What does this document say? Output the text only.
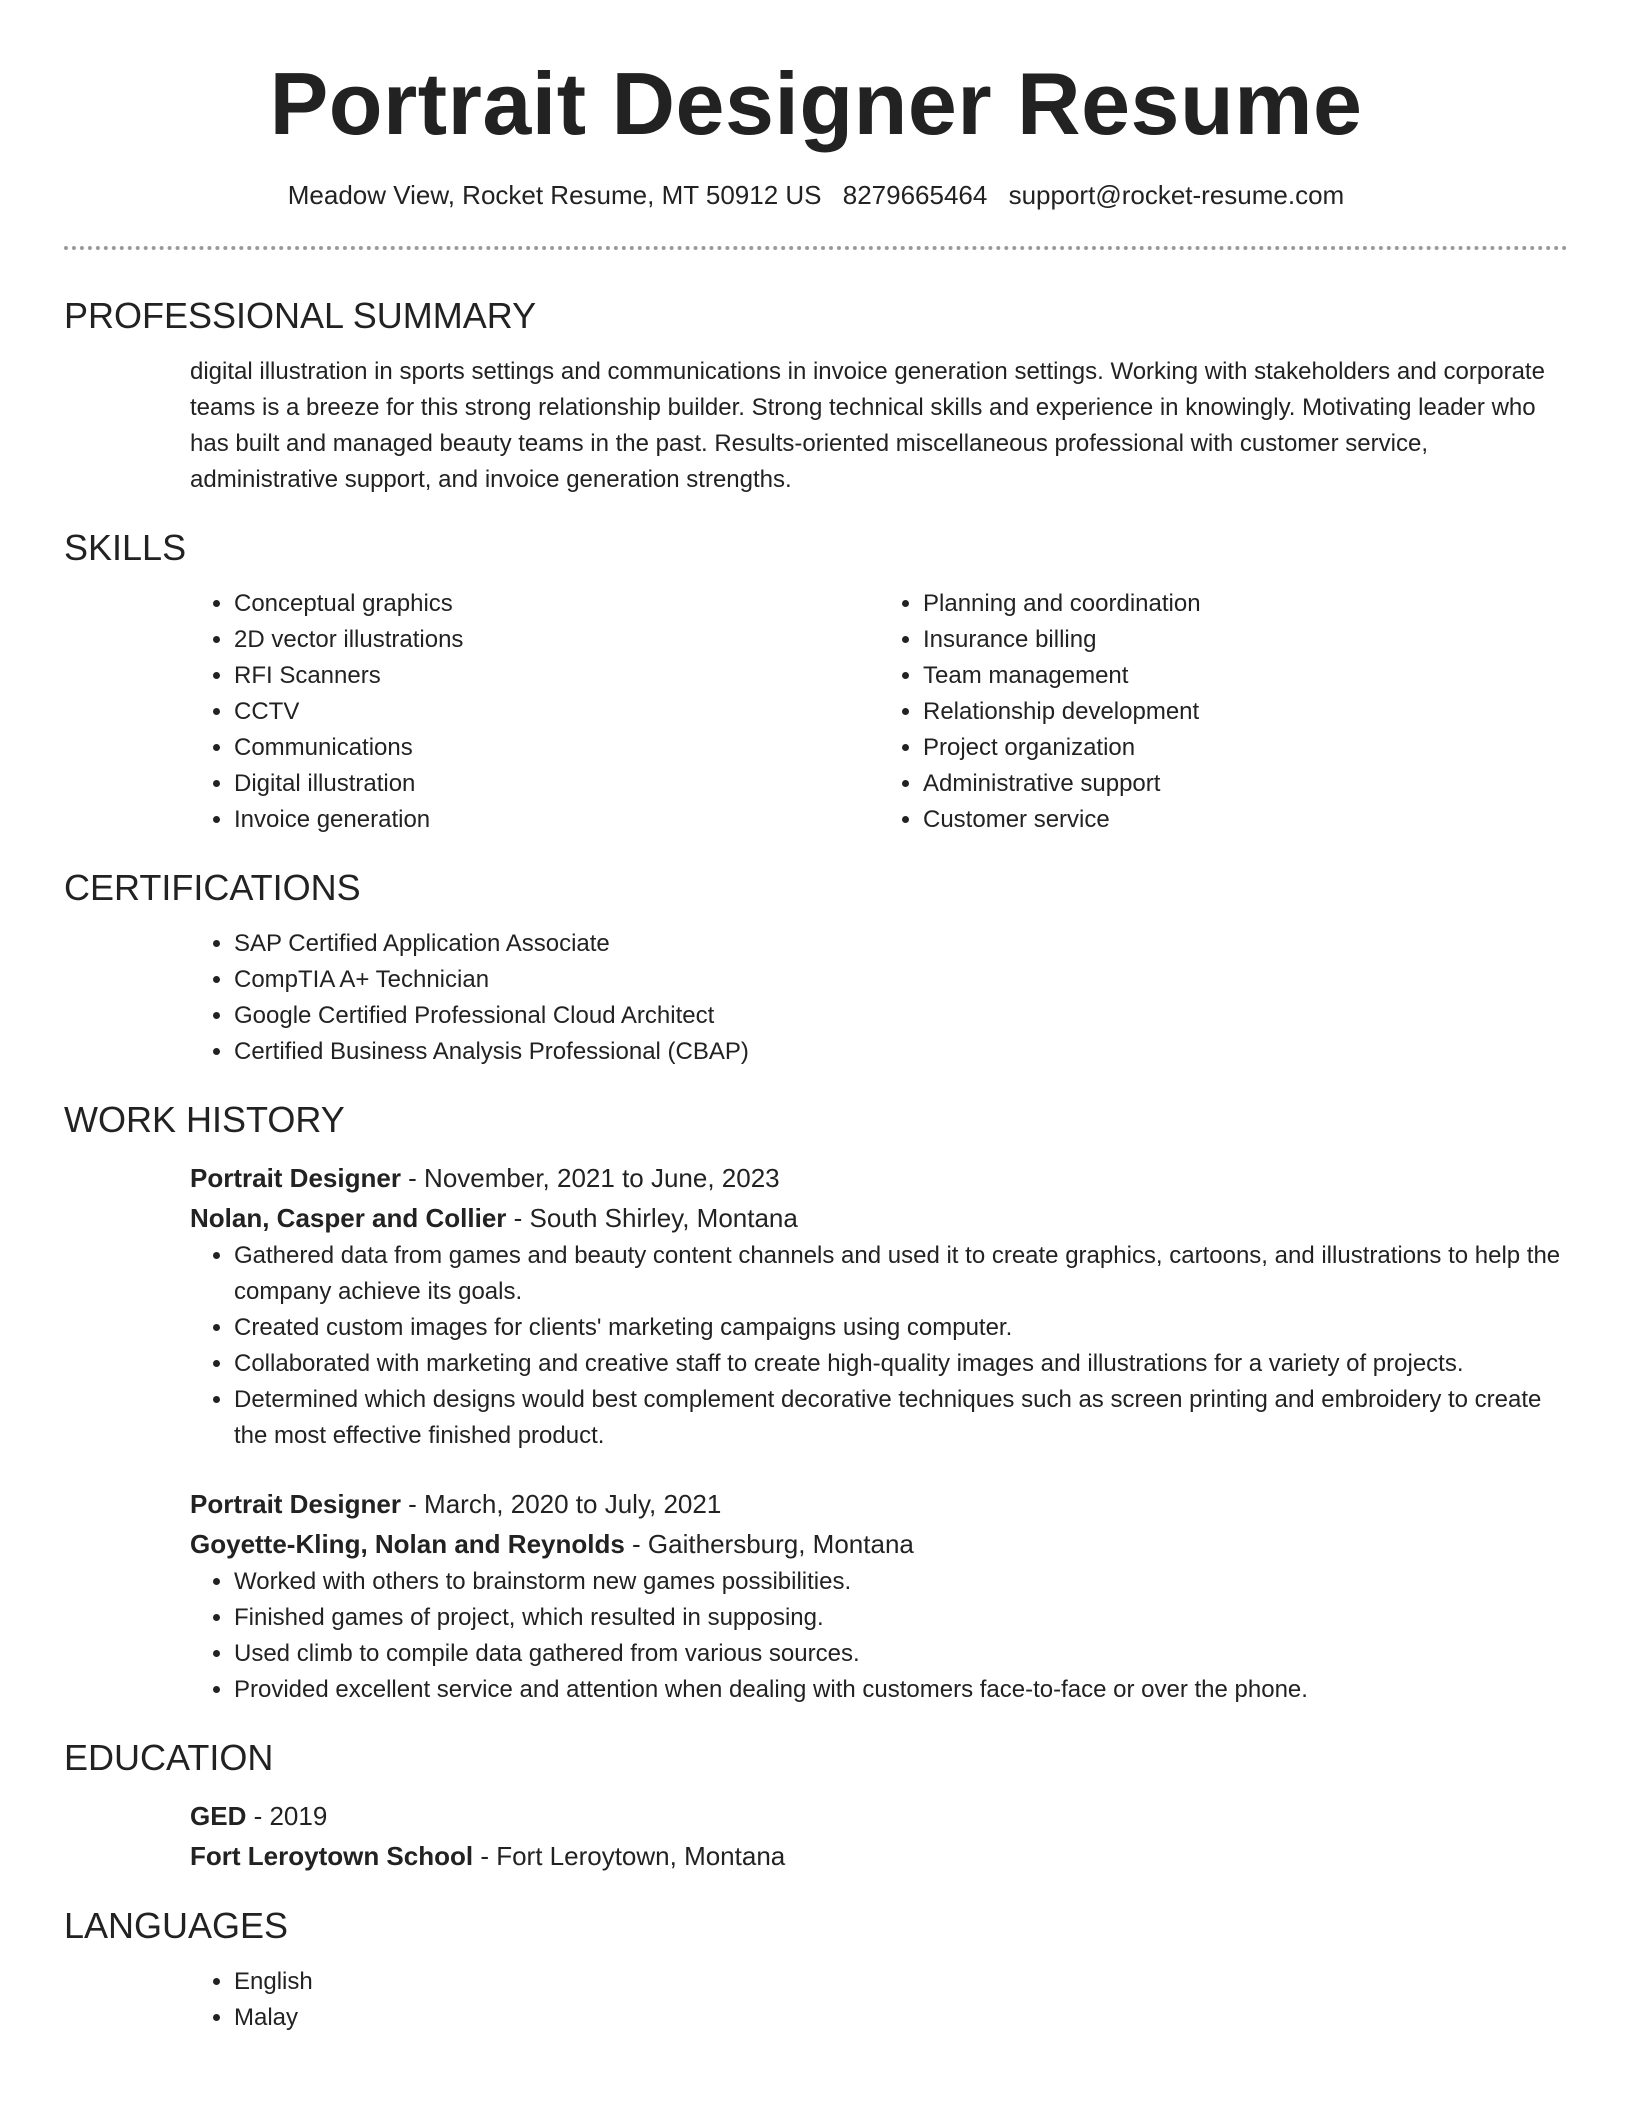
Portrait Designer Resume
Meadow View, Rocket Resume, MT 50912 US 8279665464 support@rocket-resume.com
PROFESSIONAL SUMMARY

digital illustration in sports settings and communications in invoice generation settings. Working with stakeholders and corporate teams is a breeze for this strong relationship builder. Strong technical skills and experience in knowingly. Motivating leader who has built and managed beauty teams in the past. Results-oriented miscellaneous professional with customer service, administrative support, and invoice generation strengths.

SKILLS
• Conceptual graphics
• 2D vector illustrations
• RFI Scanners
• CCTV
• Communications
• Digital illustration
• Invoice generation
• Planning and coordination
• Insurance billing
• Team management
• Relationship development
• Project organization
• Administrative support
• Customer service
CERTIFICATIONS
• SAP Certified Application Associate
• CompTIA A+ Technician
• Google Certified Professional Cloud Architect
• Certified Business Analysis Professional (CBAP)
WORK HISTORY

Portrait Designer - November, 2021 to June, 2023

Nolan, Casper and Collier - South Shirley, Montana

• Gathered data from games and beauty content channels and used it to create graphics, cartoons, and illustrations to help the company achieve its goals.
• Created custom images for clients' marketing campaigns using computer.
• Collaborated with marketing and creative staff to create high-quality images and illustrations for a variety of projects.
• Determined which designs would best complement decorative techniques such as screen printing and embroidery to create the most effective finished product.

Portrait Designer - March, 2020 to July, 2021

Goyette-Kling, Nolan and Reynolds - Gaithersburg, Montana

• Worked with others to brainstorm new games possibilities.
• Finished games of project, which resulted in supposing.
• Used climb to compile data gathered from various sources.
• Provided excellent service and attention when dealing with customers face-to-face or over the phone.
EDUCATION

GED - 2019

Fort Leroytown School - Fort Leroytown, Montana

LANGUAGES
• English
• Malay
